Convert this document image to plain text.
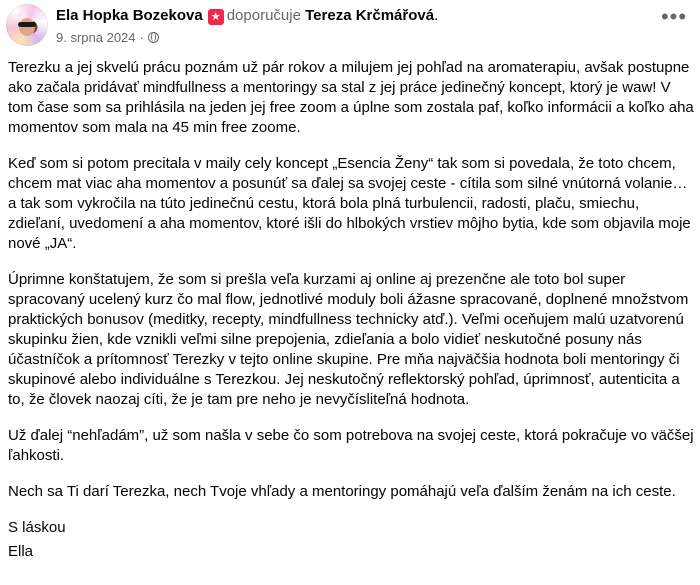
Ela Hopka Bozekova ★ doporučuje Tereza Krčmářová.
9. srpna 2024 ·
•••

Terezku a jej skvelú prácu poznám už pár rokov a milujem jej pohľad na aromaterapiu, avšak postupne ako začala pridávať mindfullness a mentoringy sa stal z jej práce jedinečný koncept, ktorý je waw! V tom čase som sa prihlásila na jeden jej free zoom a úplne som zostala paf, koľko informácii a koľko aha momentov som mala na 45 min free zoome.

Keď som si potom precitala v maily cely koncept „Esencia Ženy“ tak som si povedala, že toto chcem, chcem mat viac aha momentov a posunúť sa ďalej sa svojej ceste - cítila som silné vnútorná volanie… a tak som vykročila na túto jedinečnú cestu, ktorá bola plná turbulencii, radosti, plaču, smiechu, zdieľaní, uvedomení a aha momentov, ktoré išli do hlbokých vrstiev môjho bytia, kde som objavila moje nové „JA“.

Úprimne konštatujem, že som si prešla veľa kurzami aj online aj prezenčne ale toto bol super spracovaný ucelený kurz čo mal flow, jednotlivé moduly boli ážasne spracované, doplnené množstvom praktických bonusov (meditky, recepty, mindfullness technicky atď.). Veľmi oceňujem malú uzatvorenú skupinku žien, kde vznikli veľmi silne prepojenia, zdieľania a bolo vidieť neskutočné posuny nás účastníčok a prítomnosť Terezky v tejto online skupine. Pre mňa najväčšia hodnota boli mentoringy či skupinové alebo individuálne s Terezkou. Jej neskutočný reflektorský pohľad, úprimnosť, autenticita a to, že človek naozaj cíti, že je tam pre neho je nevyčísliteľná hodnota.

Už ďalej “nehľadám”, už som našla v sebe čo som potrebova na svojej ceste, ktorá pokračuje vo väčšej ľahkosti.

Nech sa Ti darí Terezka, nech Tvoje vhľady a mentoringy pomáhajú veľa ďalším ženám na ich ceste.

S láskou

Ella
